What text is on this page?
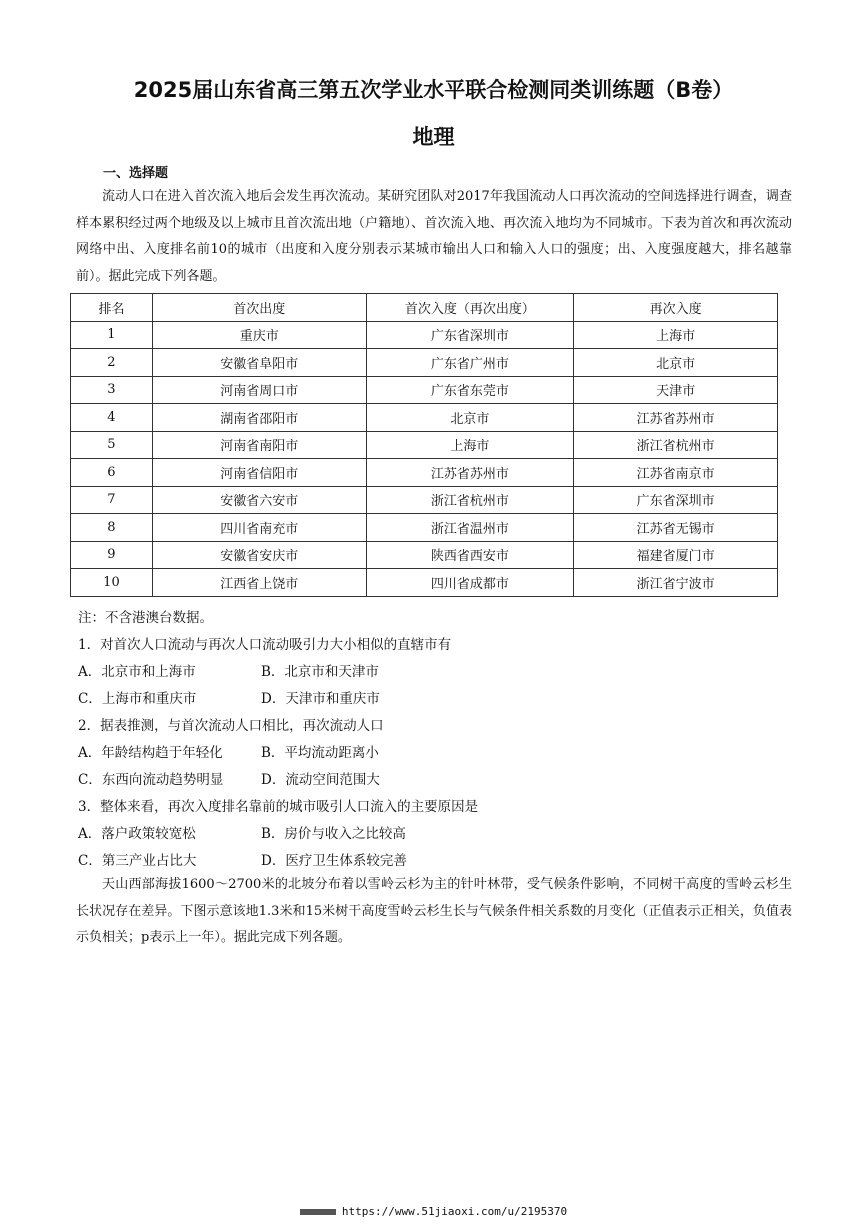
2025届山东省高三第五次学业水平联合检测同类训练题（B卷）
地理
一、选择题

流动人口在进入首次流入地后会发生再次流动。某研究团队对2017年我国流动人口再次流动的空间选择进行调查，调查样本累积经过两个地级及以上城市且首次流出地（户籍地）、首次流入地、再次流入地均为不同城市。下表为首次和再次流动网络中出、入度排名前10的城市（出度和入度分别表示某城市输出人口和输入人口的强度；出、入度强度越大，排名越靠前）。据此完成下列各题。

排名	首次出度	首次入度（再次出度）	再次入度
1	重庆市	广东省深圳市	上海市
2	安徽省阜阳市	广东省广州市	北京市
3	河南省周口市	广东省东莞市	天津市
4	湖南省邵阳市	北京市	江苏省苏州市
5	河南省南阳市	上海市	浙江省杭州市
6	河南省信阳市	江苏省苏州市	江苏省南京市
7	安徽省六安市	浙江省杭州市	广东省深圳市
8	四川省南充市	浙江省温州市	江苏省无锡市
9	安徽省安庆市	陕西省西安市	福建省厦门市
10	江西省上饶市	四川省成都市	浙江省宁波市
注：不含港澳台数据。
1．对首次人口流动与再次人口流动吸引力大小相似的直辖市有
A．北京市和上海市	B．北京市和天津市
C．上海市和重庆市	D．天津市和重庆市
2．据表推测，与首次流动人口相比，再次流动人口
A．年龄结构趋于年轻化	B．平均流动距离小
C．东西向流动趋势明显	D．流动空间范围大
3．整体来看，再次入度排名靠前的城市吸引人口流入的主要原因是
A．落户政策较宽松	B．房价与收入之比较高
C．第三产业占比大	D．医疗卫生体系较完善

天山西部海拔1600～2700米的北坡分布着以雪岭云杉为主的针叶林带，受气候条件影响，不同树干高度的雪岭云杉生长状况存在差异。下图示意该地1.3米和15米树干高度雪岭云杉生长与气候条件相关系数的月变化（正值表示正相关，负值表示负相关；p表示上一年）。据此完成下列各题。

https://www.51jiaoxi.com/u/2195370
